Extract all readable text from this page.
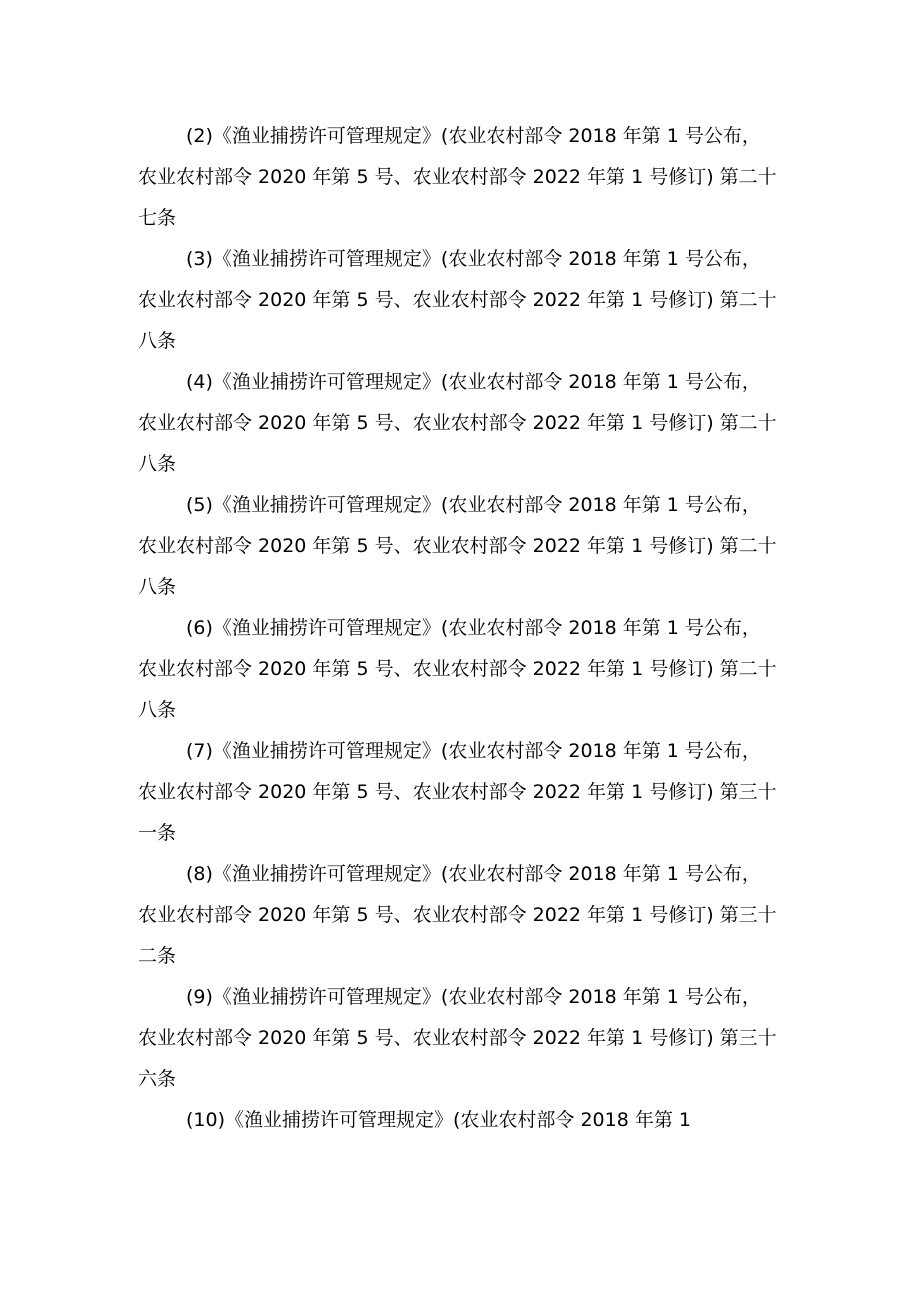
(2)《渔业捕捞许可管理规定》(农业农村部令 2018 年第 1 号公布，
农业农村部令 2020 年第 5 号、农业农村部令 2022 年第 1 号修订) 第二十
七条
(3)《渔业捕捞许可管理规定》(农业农村部令 2018 年第 1 号公布，
农业农村部令 2020 年第 5 号、农业农村部令 2022 年第 1 号修订) 第二十
八条
(4)《渔业捕捞许可管理规定》(农业农村部令 2018 年第 1 号公布，
农业农村部令 2020 年第 5 号、农业农村部令 2022 年第 1 号修订) 第二十
八条
(5)《渔业捕捞许可管理规定》(农业农村部令 2018 年第 1 号公布，
农业农村部令 2020 年第 5 号、农业农村部令 2022 年第 1 号修订) 第二十
八条
(6)《渔业捕捞许可管理规定》(农业农村部令 2018 年第 1 号公布，
农业农村部令 2020 年第 5 号、农业农村部令 2022 年第 1 号修订) 第二十
八条
(7)《渔业捕捞许可管理规定》(农业农村部令 2018 年第 1 号公布，
农业农村部令 2020 年第 5 号、农业农村部令 2022 年第 1 号修订) 第三十
一条
(8)《渔业捕捞许可管理规定》(农业农村部令 2018 年第 1 号公布，
农业农村部令 2020 年第 5 号、农业农村部令 2022 年第 1 号修订) 第三十
二条
(9)《渔业捕捞许可管理规定》(农业农村部令 2018 年第 1 号公布，
农业农村部令 2020 年第 5 号、农业农村部令 2022 年第 1 号修订) 第三十
六条
(10)《渔业捕捞许可管理规定》(农业农村部令 2018 年第 1
